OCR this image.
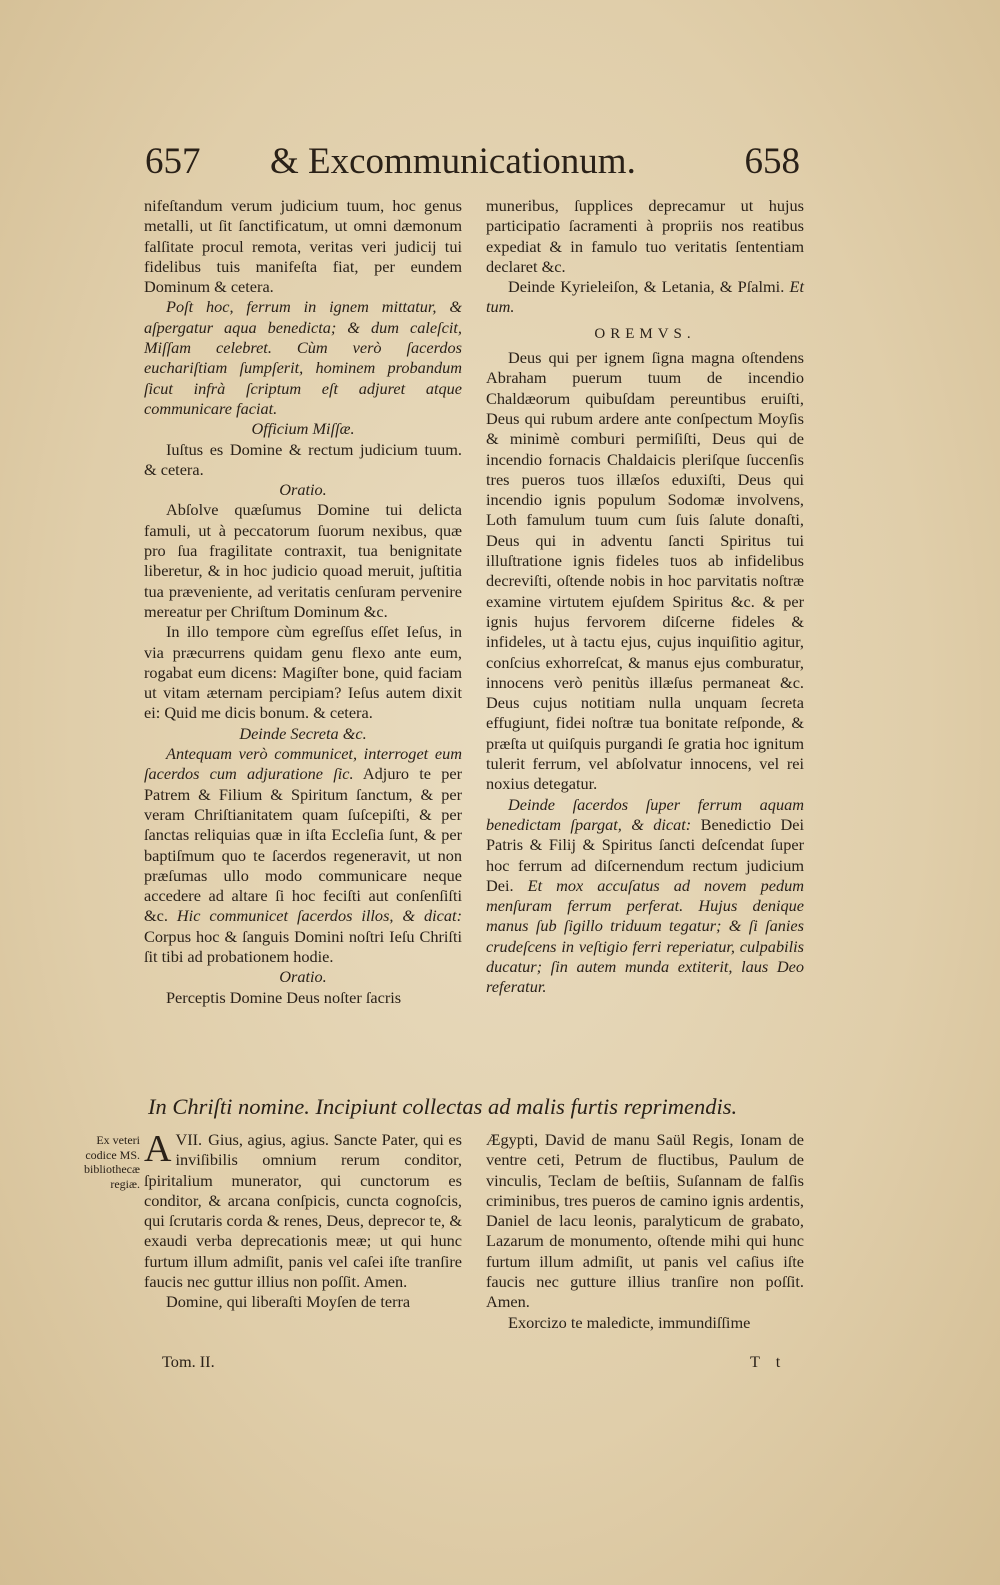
657 & Excommunicationum.	658

nifeſtandum verum judicium tuum, hoc genus metalli, ut ſit ſanctificatum, ut omni dæmonum falſitate procul remota, veritas veri judicij tui fidelibus tuis manifeſta fiat, per eundem Dominum & cetera.

Poſt hoc, ferrum in ignem mittatur, & aſpergatur aqua benedicta; & dum caleſcit, Miſſam celebret. Cùm verò ſacerdos euchariſtiam ſumpſerit, hominem probandum ſicut infrà ſcriptum eſt adjuret atque communicare faciat.

Officium Miſſæ.

Iuſtus es Domine & rectum judicium tuum. & cetera.

Oratio.

Abſolve quæſumus Domine tui delicta famuli, ut à peccatorum ſuorum nexibus, quæ pro ſua fragilitate contraxit, tua benignitate liberetur, & in hoc judicio quoad meruit, juſtitia tua præveniente, ad veritatis cenſuram pervenire mereatur per Chriſtum Dominum &c.

In illo tempore cùm egreſſus eſſet Ieſus, in via præcurrens quidam genu flexo ante eum, rogabat eum dicens: Magiſter bone, quid faciam ut vitam æternam percipiam? Ieſus autem dixit ei: Quid me dicis bonum. & cetera.

Deinde Secreta &c.

Antequam verò communicet, interroget eum ſacerdos cum adjuratione ſic. Adjuro te per Patrem & Filium & Spiritum ſanctum, & per veram Chriſtianitatem quam ſuſcepiſti, & per ſanctas reliquias quæ in iſta Eccleſia ſunt, & per baptiſmum quo te ſacerdos regeneravit, ut non præſumas ullo modo communicare neque accedere ad altare ſi hoc feciſti aut conſenſiſti &c. Hic communicet ſacerdos illos, & dicat: Corpus hoc & ſanguis Domini noſtri Ieſu Chriſti ſit tibi ad probationem hodie.

Oratio.

Perceptis Domine Deus noſter ſacris

muneribus, ſupplices deprecamur ut hujus participatio ſacramenti à propriis nos reatibus expediat & in famulo tuo veritatis ſententiam declaret &c.

Deinde Kyrieleiſon, & Letania, & Pſalmi. Et tum.

OREMVS.

Deus qui per ignem ſigna magna oſtendens Abraham puerum tuum de incendio Chaldæorum quibuſdam pereuntibus eruiſti, Deus qui rubum ardere ante conſpectum Moyſis & minimè comburi permiſiſti, Deus qui de incendio fornacis Chaldaicis pleriſque ſuccenſis tres pueros tuos illæſos eduxiſti, Deus qui incendio ignis populum Sodomæ involvens, Loth famulum tuum cum ſuis ſalute donaſti, Deus qui in adventu ſancti Spiritus tui illuſtratione ignis fideles tuos ab infidelibus decreviſti, oſtende nobis in hoc parvitatis noſtræ examine virtutem ejuſdem Spiritus &c. & per ignis hujus fervorem diſcerne fideles & infideles, ut à tactu ejus, cujus inquiſitio agitur, conſcius exhorreſcat, & manus ejus comburatur, innocens verò penitùs illæſus permaneat &c. Deus cujus notitiam nulla unquam ſecreta effugiunt, fidei noſtræ tua bonitate reſponde, & præſta ut quiſquis purgandi ſe gratia hoc ignitum tulerit ferrum, vel abſolvatur innocens, vel rei noxius detegatur.

Deinde ſacerdos ſuper ferrum aquam benedictam ſpargat, & dicat: Benedictio Dei Patris & Filij & Spiritus ſancti deſcendat ſuper hoc ferrum ad diſcernendum rectum judicium Dei. Et mox accuſatus ad novem pedum menſuram ferrum perferat. Hujus denique manus ſub ſigillo triduum tegatur; & ſi ſanies crudeſcens in veſtigio ferri reperiatur, culpabilis ducatur; ſin autem munda extiterit, laus Deo referatur.

In Chriſti nomine. Incipiunt collectas ad malis furtis reprimendis.
Ex veteri codice MS. bibliothecæ regiæ.

VII.
A Gius, agius, agius. Sancte Pater, qui es inviſibilis omnium rerum conditor, ſpiritalium munerator, qui cunctorum es conditor, & arcana conſpicis, cuncta cognoſcis, qui ſcrutaris corda & renes, Deus, deprecor te, & exaudi verba deprecationis meæ; ut qui hunc furtum illum admiſit, panis vel caſei iſte tranſire faucis nec guttur illius non poſſit. Amen.

Domine, qui liberaſti Moyſen de terra

Ægypti, David de manu Saül Regis, Ionam de ventre ceti, Petrum de fluctibus, Paulum de vinculis, Teclam de beſtiis, Suſannam de falſis criminibus, tres pueros de camino ignis ardentis, Daniel de lacu leonis, paralyticum de grabato, Lazarum de monumento, oſtende mihi qui hunc furtum illum admiſit, ut panis vel caſius iſte faucis nec gutture illius tranſire non poſſit. Amen.

Exorcizo te maledicte, immundiſſime

Tom. II.	T t
